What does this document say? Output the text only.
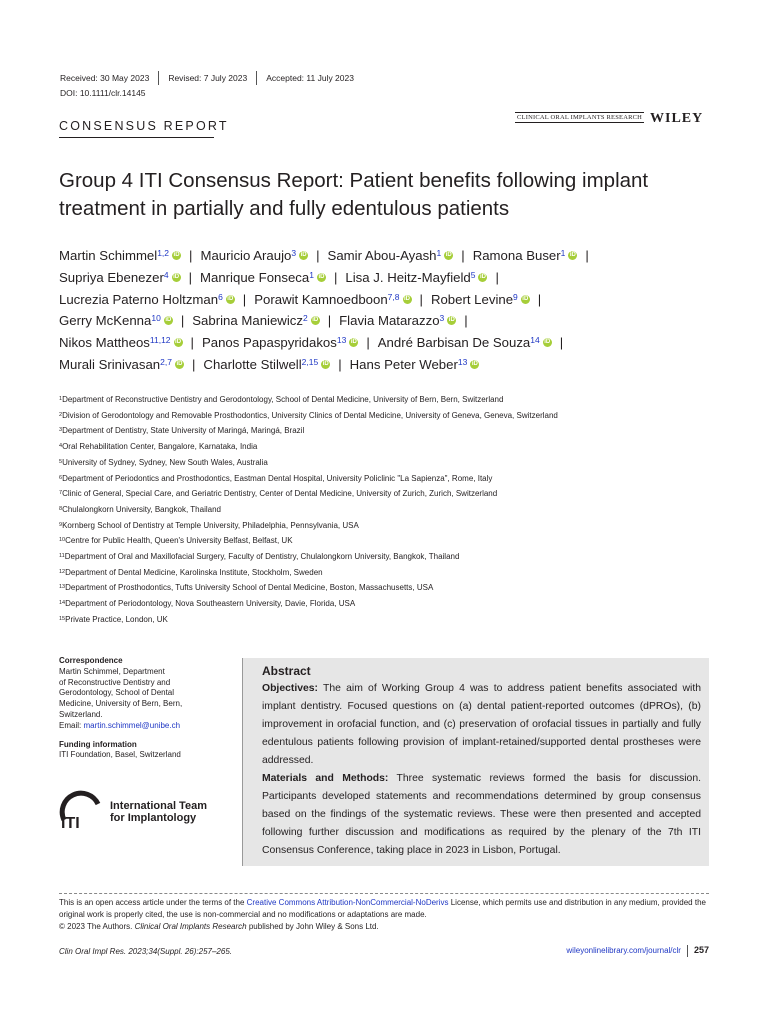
Received: 30 May 2023 Revised: 7 July 2023 Accepted: 11 July 2023
DOI: 10.1111/clr.14145
CONSENSUS REPORT
CLINICAL ORAL IMPLANTS RESEARCH WILEY
Group 4 ITI Consensus Report: Patient benefits following implant treatment in partially and fully edentulous patients
Martin Schimmel$^{1,2}$ iD | Mauricio Araujo$^3$ iD | Samir Abou-Ayash$^1$ iD | Ramona Buser$^1$ iD |
Supriya Ebenezer$^4$ iD | Manrique Fonseca$^1$ iD | Lisa J. Heitz-Mayfield$^5$ iD |
Lucrezia Paterno Holtzman$^6$ iD | Porawit Kamnoedboon$^{7,8}$ iD | Robert Levine$^9$ iD |
Gerry McKenna$^{10}$ iD | Sabrina Maniewicz$^2$ iD | Flavia Matarazzo$^3$ iD |
Nikos Mattheos$^{11,12}$ iD | Panos Papaspyridakos$^{13}$ iD | André Barbisan De Souza$^{14}$ iD |
Murali Srinivasan$^{2,7}$ iD | Charlotte Stilwell$^{2,15}$ iD | Hans Peter Weber$^{13}$ iD
$^1$Department of Reconstructive Dentistry and Gerodontology, School of Dental Medicine, University of Bern, Bern, Switzerland
$^2$Division of Gerodontology and Removable Prosthodontics, University Clinics of Dental Medicine, University of Geneva, Geneva, Switzerland
$^3$Department of Dentistry, State University of Maringá, Maringá, Brazil
$^4$Oral Rehabilitation Center, Bangalore, Karnataka, India
$^5$University of Sydney, Sydney, New South Wales, Australia
$^6$Department of Periodontics and Prosthodontics, Eastman Dental Hospital, University Policlinic "La Sapienza", Rome, Italy
$^7$Clinic of General, Special Care, and Geriatric Dentistry, Center of Dental Medicine, University of Zurich, Zurich, Switzerland
$^8$Chulalongkorn University, Bangkok, Thailand
$^9$Kornberg School of Dentistry at Temple University, Philadelphia, Pennsylvania, USA
$^{10}$Centre for Public Health, Queen's University Belfast, Belfast, UK
$^{11}$Department of Oral and Maxillofacial Surgery, Faculty of Dentistry, Chulalongkorn University, Bangkok, Thailand
$^{12}$Department of Dental Medicine, Karolinska Institute, Stockholm, Sweden
$^{13}$Department of Prosthodontics, Tufts University School of Dental Medicine, Boston, Massachusetts, USA
$^{14}$Department of Periodontology, Nova Southeastern University, Davie, Florida, USA
$^{15}$Private Practice, London, UK
Correspondence
Martin Schimmel, Department
of Reconstructive Dentistry and
Gerodontology, School of Dental
Medicine, University of Bern, Bern,
Switzerland.
Email: martin.schimmel@unibe.ch
Funding information
ITI Foundation, Basel, Switzerland
ITI
International Team
for Implantology
Abstract
Objectives: The aim of Working Group 4 was to address patient benefits associated with implant dentistry. Focused questions on (a) dental patient-reported outcomes (dPROs), (b) improvement in orofacial function, and (c) preservation of orofacial tissues in partially and fully edentulous patients following provision of implant-retained/supported dental prostheses were addressed.
Materials and Methods: Three systematic reviews formed the basis for discussion. Participants developed statements and recommendations determined by group consensus based on the findings of the systematic reviews. These were then presented and accepted following further discussion and modifications as required by the plenary of the 7th ITI Consensus Conference, taking place in 2023 in Lisbon, Portugal.
This is an open access article under the terms of the Creative Commons Attribution-NonCommercial-NoDerivs License, which permits use and distribution in any medium, provided the original work is properly cited, the use is non-commercial and no modifications or adaptations are made.
© 2023 The Authors. Clinical Oral Implants Research published by John Wiley & Sons Ltd.
Clin Oral Impl Res. 2023;34(Suppl. 26):257–265.	wileyonlinelibrary.com/journal/clr 257
